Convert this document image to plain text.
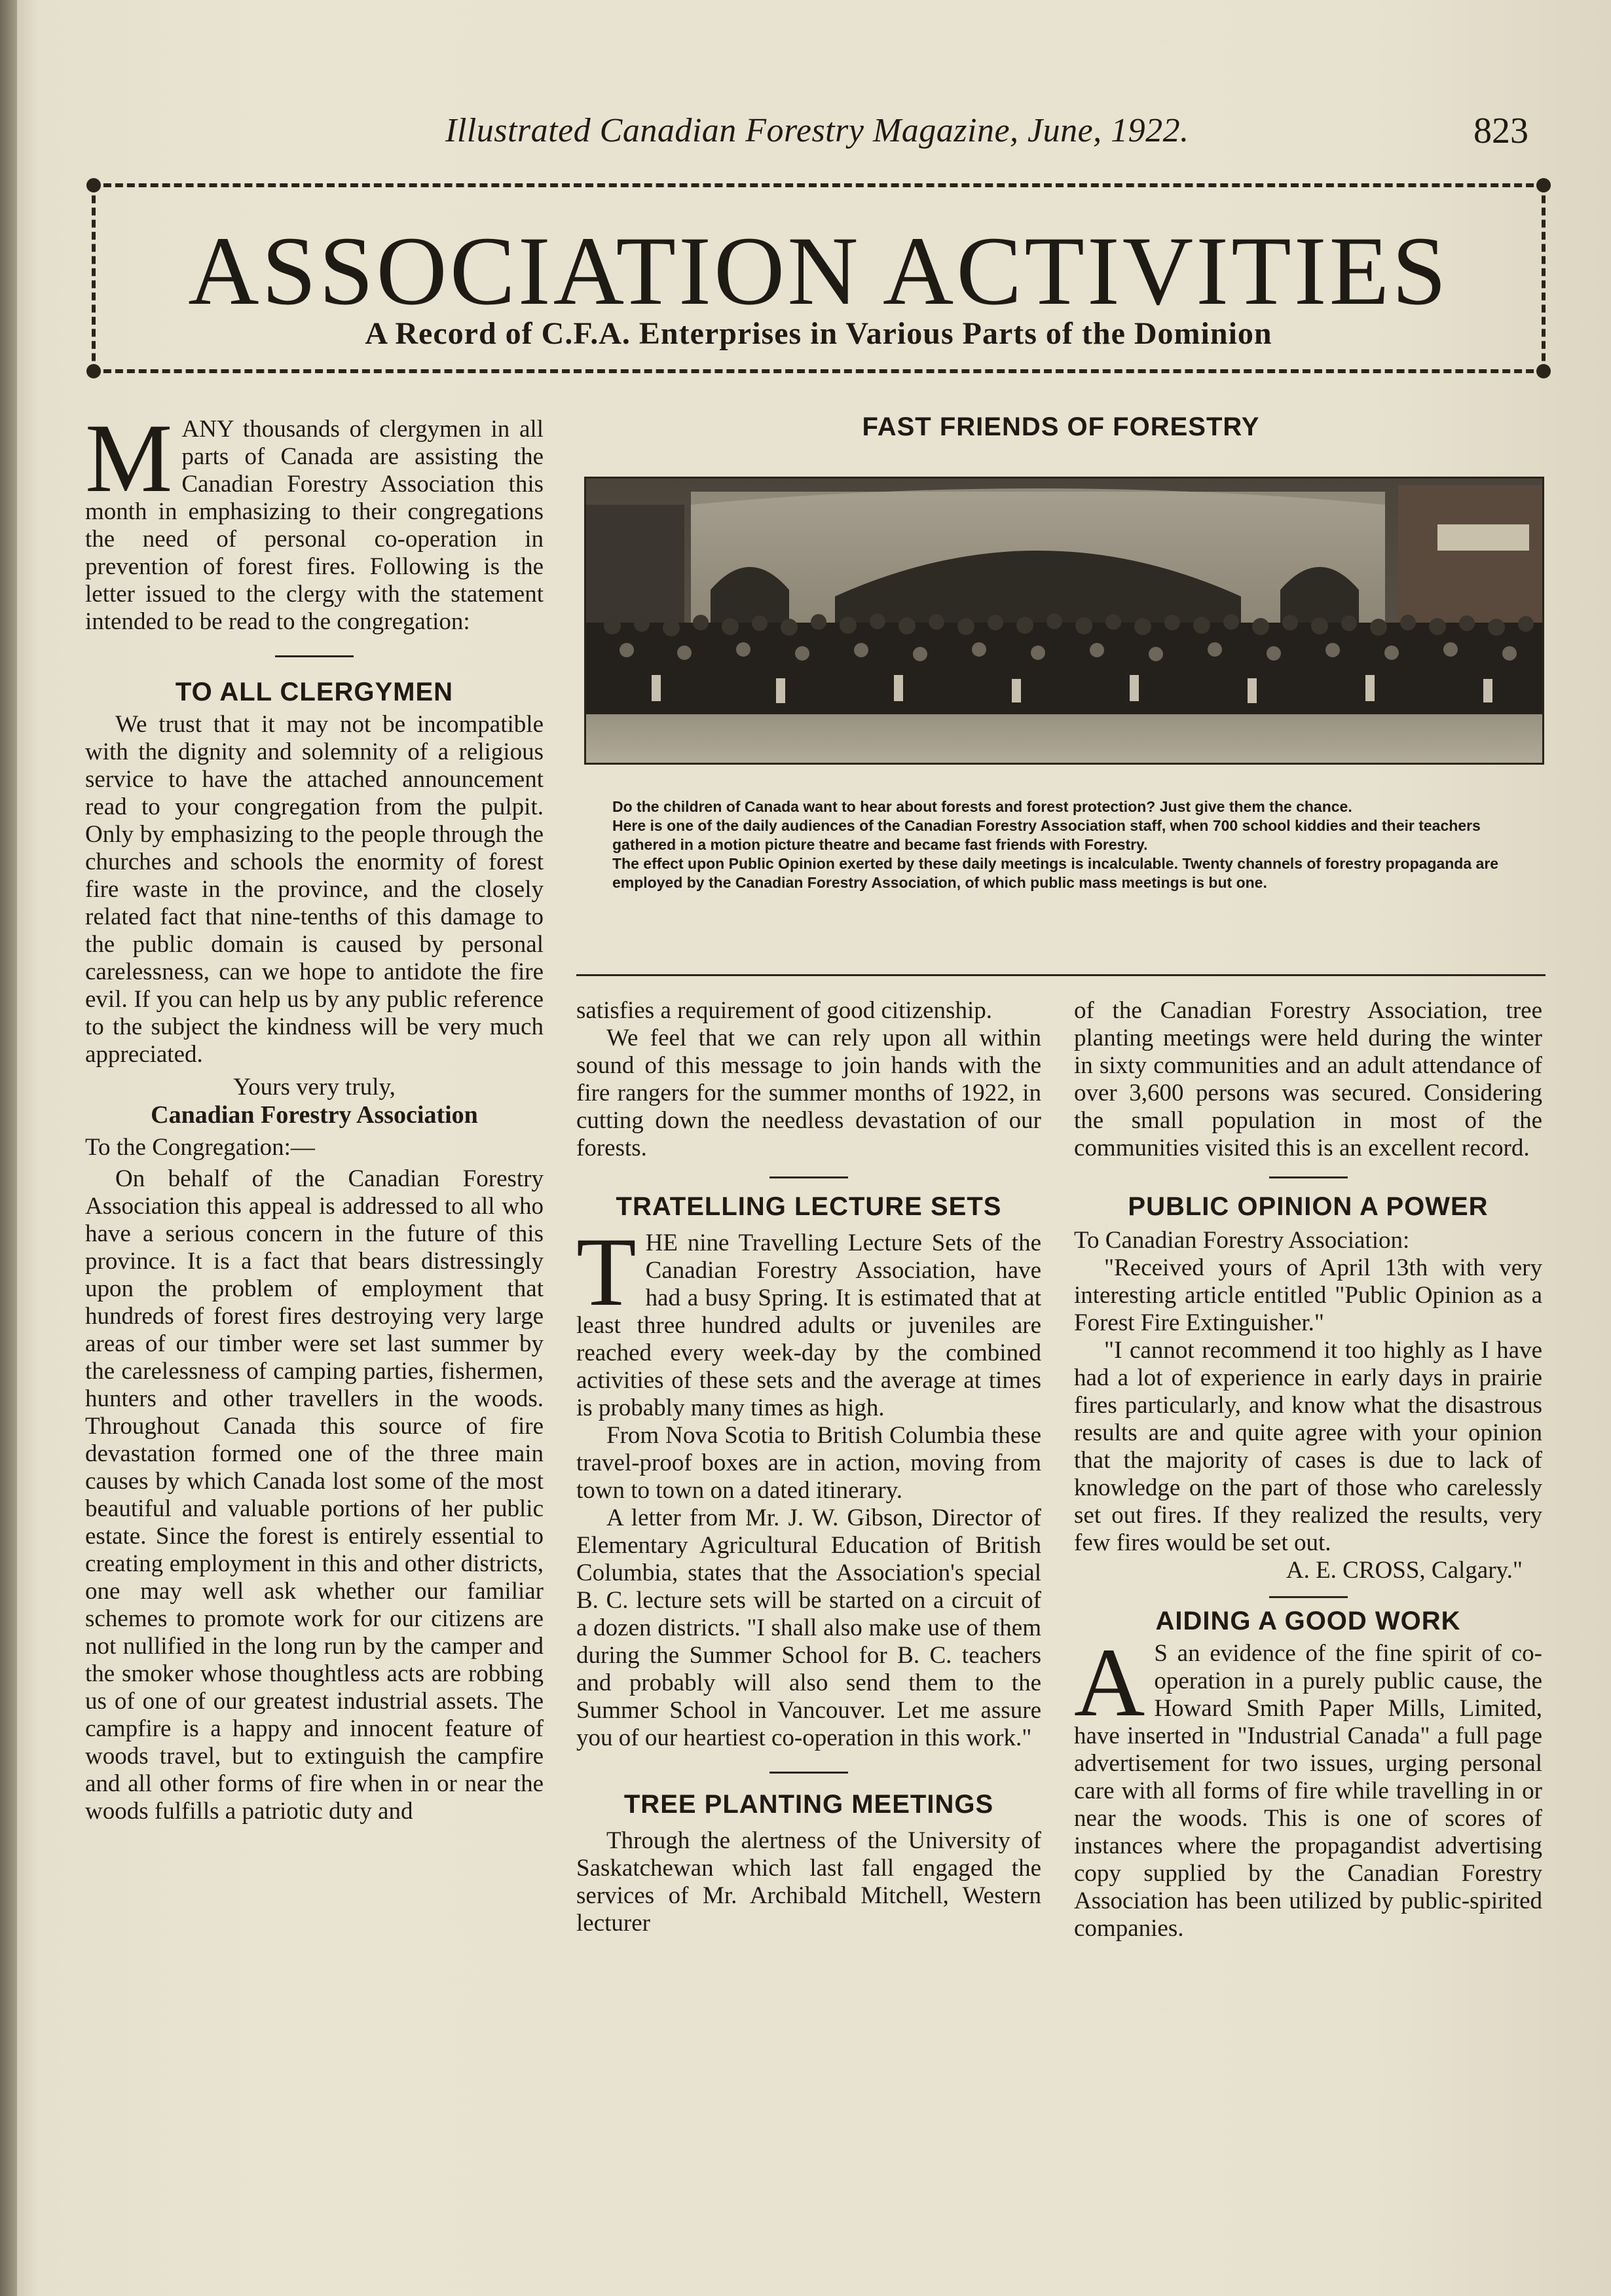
Illustrated Canadian Forestry Magazine, June, 1922.	823
ASSOCIATION ACTIVITIES
A Record of C.F.A. Enterprises in Various Parts of the Dominion

MANY thousands of clergymen in all parts of Canada are assisting the Canadian Forestry Association this month in emphasizing to their congregations the need of personal co-operation in prevention of forest fires. Following is the letter issued to the clergy with the statement intended to be read to the congregation:

TO ALL CLERGYMEN

We trust that it may not be incompatible with the dignity and solemnity of a religious service to have the attached announcement read to your congregation from the pulpit. Only by emphasizing to the people through the churches and schools the enormity of forest fire waste in the province, and the closely related fact that nine-tenths of this damage to the public domain is caused by personal carelessness, can we hope to antidote the fire evil. If you can help us by any public reference to the subject the kindness will be very much appreciated.

Yours very truly,

Canadian Forestry Association

To the Congregation:—

On behalf of the Canadian Forestry Association this appeal is addressed to all who have a serious concern in the future of this province. It is a fact that bears distressingly upon the problem of employment that hundreds of forest fires destroying very large areas of our timber were set last summer by the carelessness of camping parties, fishermen, hunters and other travellers in the woods. Throughout Canada this source of fire devastation formed one of the three main causes by which Canada lost some of the most beautiful and valuable portions of her public estate. Since the forest is entirely essential to creating employment in this and other districts, one may well ask whether our familiar schemes to promote work for our citizens are not nullified in the long run by the camper and the smoker whose thoughtless acts are robbing us of one of our greatest industrial assets. The campfire is a happy and innocent feature of woods travel, but to extinguish the campfire and all other forms of fire when in or near the woods fulfills a patriotic duty and

FAST FRIENDS OF FORESTRY

Do the children of Canada want to hear about forests and forest protection? Just give them the chance.

Here is one of the daily audiences of the Canadian Forestry Association staff, when 700 school kiddies and their teachers gathered in a motion picture theatre and became fast friends with Forestry.

The effect upon Public Opinion exerted by these daily meetings is incalculable. Twenty channels of forestry propaganda are employed by the Canadian Forestry Association, of which public mass meetings is but one.

satisfies a requirement of good citizenship.

We feel that we can rely upon all within sound of this message to join hands with the fire rangers for the summer months of 1922, in cutting down the needless devastation of our forests.

TRATELLING LECTURE SETS

THE nine Travelling Lecture Sets of the Canadian Forestry Association, have had a busy Spring. It is estimated that at least three hundred adults or juveniles are reached every week-day by the combined activities of these sets and the average at times is probably many times as high.

From Nova Scotia to British Columbia these travel-proof boxes are in action, moving from town to town on a dated itinerary.

A letter from Mr. J. W. Gibson, Director of Elementary Agricultural Education of British Columbia, states that the Association's special B. C. lecture sets will be started on a circuit of a dozen districts. "I shall also make use of them during the Summer School for B. C. teachers and probably will also send them to the Summer School in Vancouver. Let me assure you of our heartiest co-operation in this work."

TREE PLANTING MEETINGS

Through the alertness of the University of Saskatchewan which last fall engaged the services of Mr. Archibald Mitchell, Western lecturer

of the Canadian Forestry Association, tree planting meetings were held during the winter in sixty communities and an adult attendance of over 3,600 persons was secured. Considering the small population in most of the communities visited this is an excellent record.

PUBLIC OPINION A POWER

To Canadian Forestry Association:

"Received yours of April 13th with very interesting article entitled "Public Opinion as a Forest Fire Extinguisher."

"I cannot recommend it too highly as I have had a lot of experience in early days in prairie fires particularly, and know what the disastrous results are and quite agree with your opinion that the majority of cases is due to lack of knowledge on the part of those who carelessly set out fires. If they realized the results, very few fires would be set out.

A. E. CROSS, Calgary."

AIDING A GOOD WORK

A S an evidence of the fine spirit of co-operation in a purely public cause, the Howard Smith Paper Mills, Limited, have inserted in "Industrial Canada" a full page advertisement for two issues, urging personal care with all forms of fire while travelling in or near the woods. This is one of scores of instances where the propagandist advertising copy supplied by the Canadian Forestry Association has been utilized by public-spirited companies.
